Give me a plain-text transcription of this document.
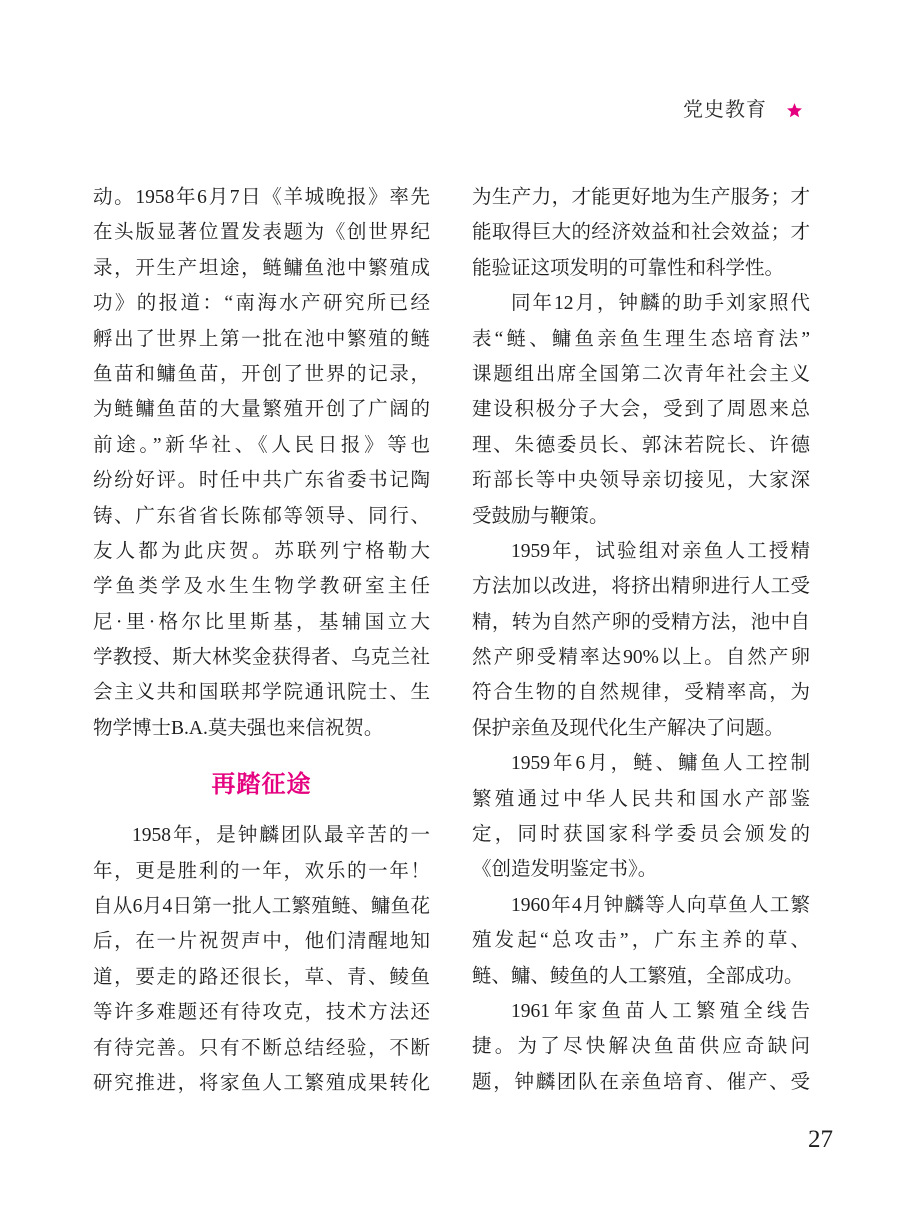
党史教育
动。1958年6月7日《羊城晚报》率先
在头版显著位置发表题为《创世界纪
录，开生产坦途，鲢鳙鱼池中繁殖成
功》的报道：“南海水产研究所已经
孵出了世界上第一批在池中繁殖的鲢
鱼苗和鳙鱼苗，开创了世界的记录，
为鲢鳙鱼苗的大量繁殖开创了广阔的
前途。”新华社、《人民日报》等也
纷纷好评。时任中共广东省委书记陶
铸、广东省省长陈郁等领导、同行、
友人都为此庆贺。苏联列宁格勒大
学鱼类学及水生生物学教研室主任
尼·里·格尔比里斯基，基辅国立大
学教授、斯大林奖金获得者、乌克兰社
会主义共和国联邦学院通讯院士、生
物学博士B.A.莫夫强也来信祝贺。
再踏征途
1958年，是钟麟团队最辛苦的一
年，更是胜利的一年，欢乐的一年！
自从6月4日第一批人工繁殖鲢、鳙鱼花
后，在一片祝贺声中，他们清醒地知
道，要走的路还很长，草、青、鲮鱼
等许多难题还有待攻克，技术方法还
有待完善。只有不断总结经验，不断
研究推进，将家鱼人工繁殖成果转化
为生产力，才能更好地为生产服务；才
能取得巨大的经济效益和社会效益；才
能验证这项发明的可靠性和科学性。
同年12月，钟麟的助手刘家照代
表“鲢、鳙鱼亲鱼生理生态培育法”
课题组出席全国第二次青年社会主义
建设积极分子大会，受到了周恩来总
理、朱德委员长、郭沫若院长、许德
珩部长等中央领导亲切接见，大家深
受鼓励与鞭策。
1959年，试验组对亲鱼人工授精
方法加以改进，将挤出精卵进行人工受
精，转为自然产卵的受精方法，池中自
然产卵受精率达90%以上。自然产卵
符合生物的自然规律，受精率高，为
保护亲鱼及现代化生产解决了问题。
1959年6月，鲢、鳙鱼人工控制
繁殖通过中华人民共和国水产部鉴
定，同时获国家科学委员会颁发的
《创造发明鉴定书》。
1960年4月钟麟等人向草鱼人工繁
殖发起“总攻击”，广东主养的草、
鲢、鳙、鲮鱼的人工繁殖，全部成功。
1961年家鱼苗人工繁殖全线告
捷。为了尽快解决鱼苗供应奇缺问
题，钟麟团队在亲鱼培育、催产、受
27
